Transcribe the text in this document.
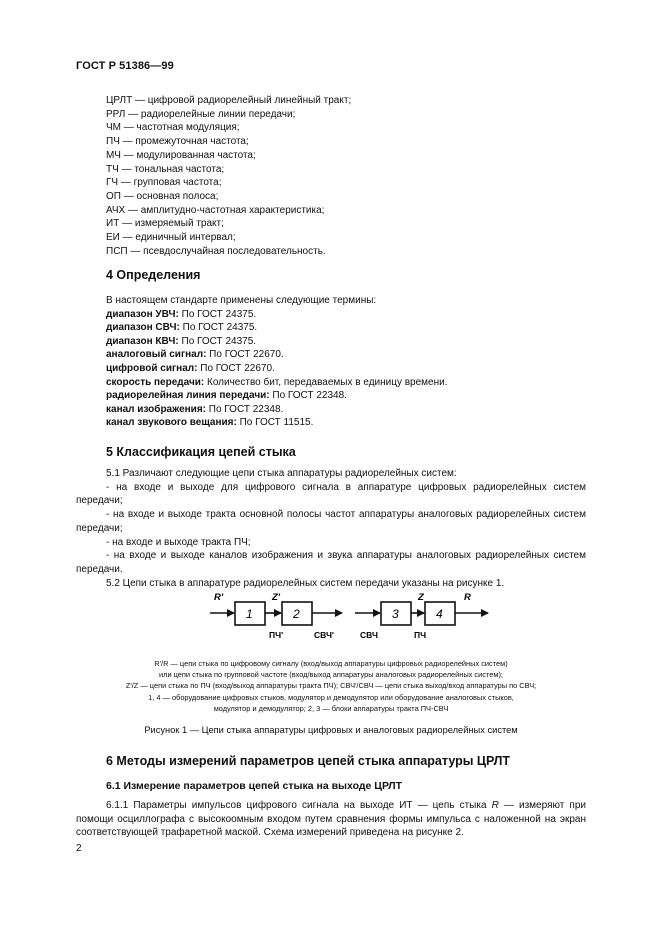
ГОСТ Р 51386—99
ЦРЛТ — цифровой радиорелейный линейный тракт;
РРЛ — радиорелейные линии передачи;
ЧМ — частотная модуляция;
ПЧ — промежуточная частота;
МЧ — модулированная частота;
ТЧ — тональная частота;
ГЧ — групповая частота;
ОП — основная полоса;
АЧХ — амплитудно-частотная характеристика;
ИТ — измеряемый тракт;
ЕИ — единичный интервал;
ПСП — псевдослучайная последовательность.
4 Определения
В настоящем стандарте применены следующие термины:
диапазон УВЧ: По ГОСТ 24375.
диапазон СВЧ: По ГОСТ 24375.
диапазон КВЧ: По ГОСТ 24375.
аналоговый сигнал: По ГОСТ 22670.
цифровой сигнал: По ГОСТ 22670.
скорость передачи: Количество бит, передаваемых в единицу времени.
радиорелейная линия передачи: По ГОСТ 22348.
канал изображения: По ГОСТ 22348.
канал звукового вещания: По ГОСТ 11515.
5 Классификация цепей стыка

5.1 Различают следующие цепи стыка аппаратуры радиорелейных систем:

- на входе и выходе для цифрового сигнала в аппаратуре цифровых радиорелейных систем передачи;

- на входе и выходе тракта основной полосы частот аппаратуры аналоговых радиорелейных систем передачи;

- на входе и выходе тракта ПЧ;

- на входе и выходе каналов изображения и звука аппаратуры аналоговых радиорелейных систем передачи.

5.2 Цепи стыка в аппаратуре радиорелейных систем передачи указаны на рисунке 1.

R'	Z'	Z	R
1	2	3	4
ПЧ'	СВЧ'	СВЧ	ПЧ
R'/R — цепи стыка по цифровому сигналу (вход/выход аппаратуры цифровых радиорелейных систем)
или цепи стыка по групповой частоте (вход/выход аппаратуры аналоговых радиорелейных систем);
Z'/Z — цепи стыка по ПЧ (вход/выход аппаратуры тракта ПЧ); СВЧ'/СВЧ — цепи стыка выход/вход аппаратуры по СВЧ;
1, 4 — оборудование цифровых стыков, модулятор и демодулятор или оборудование аналоговых стыков,
модулятор и демодулятор; 2, 3 — блоки аппаратуры тракта ПЧ-СВЧ
Рисунок 1 — Цепи стыка аппаратуры цифровых и аналоговых радиорелейных систем
6 Методы измерений параметров цепей стыка аппаратуры ЦРЛТ
6.1 Измерение параметров цепей стыка на выходе ЦРЛТ

6.1.1 Параметры импульсов цифрового сигнала на выходе ИТ — цепь стыка R — измеряют при помощи осциллографа с высокоомным входом путем сравнения формы импульса с наложенной на экран соответствующей трафаретной маской. Схема измерений приведена на рисунке 2.

2
